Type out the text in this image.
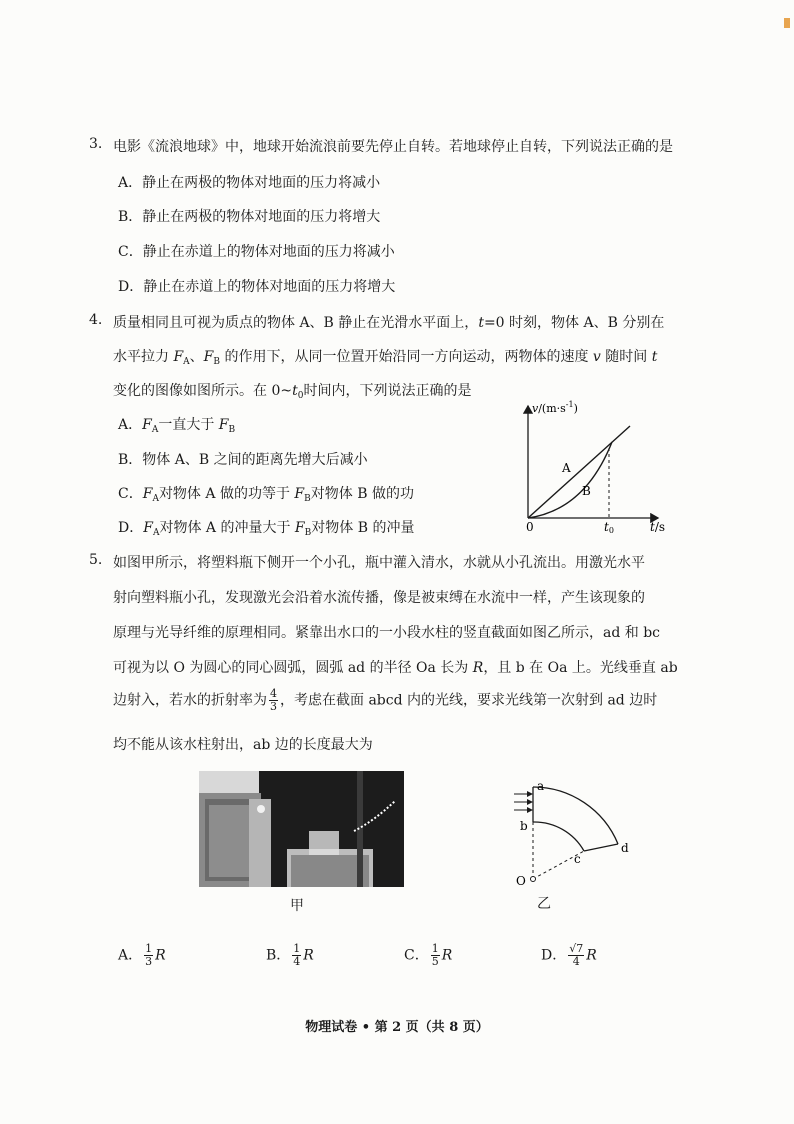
3. 电影《流浪地球》中，地球开始流浪前要先停止自转。若地球停止自转，下列说法正确的是
A．静止在两极的物体对地面的压力将减小
B．静止在两极的物体对地面的压力将增大
C．静止在赤道上的物体对地面的压力将减小
D．静止在赤道上的物体对地面的压力将增大
4. 质量相同且可视为质点的物体 A、B 静止在光滑水平面上，t=0 时刻，物体 A、B 分别在
水平拉力 $F_A$、$F_B$ 的作用下，从同一位置开始沿同一方向运动，两物体的速度 v 随时间 t
变化的图像如图所示。在 $0\sim t_0$时间内，下列说法正确的是
A．$F_A$一直大于 $F_B$
B．物体 A、B 之间的距离先增大后减小
C．$F_A$对物体 A 做的功等于 $F_B$对物体 B 做的功
D．$F_A$对物体 A 的冲量大于 $F_B$对物体 B 的冲量
$v/(m\cdot s^{-1})$
A
B
0	t0	t/s
5. 如图甲所示，将塑料瓶下侧开一个小孔，瓶中灌入清水，水就从小孔流出。用激光水平
射向塑料瓶小孔，发现激光会沿着水流传播，像是被束缚在水流中一样，产生该现象的
原理与光导纤维的原理相同。紧靠出水口的一小段水柱的竖直截面如图乙所示，ad 和 bc
可视为以 O 为圆心的同心圆弧，圆弧 ad 的半径 Oa 长为 R，且 b 在 Oa 上。光线垂直 ab
边射入，若水的折射率为 $\frac{4}{3}$ ，考虑在截面 abcd 内的光线，要求光线第一次射到 ad 边时
均不能从该水柱射出，ab 边的长度最大为
甲
a
b
c
d
O
乙
A． $\frac{1}{3}$ R	B． $\frac{1}{4}$ R	C． $\frac{1}{5}$ R	D． $\frac{√7}{4}$ R
物理试卷 • 第 2 页（共 8 页）
